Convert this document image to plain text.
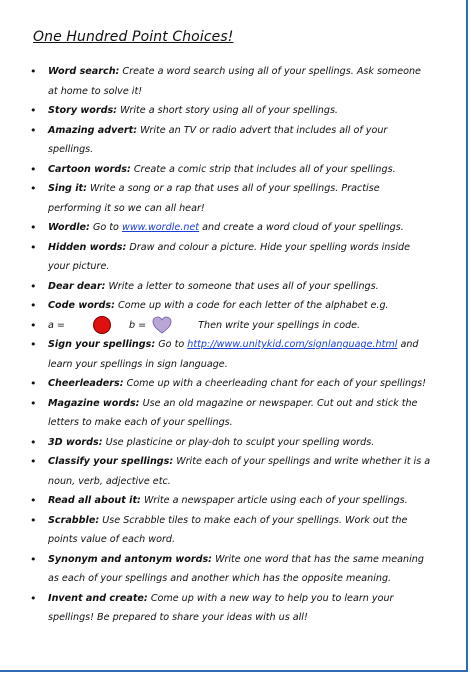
One Hundred Point Choices!
• Word search: Create a word search using all of your spellings. Ask someone at home to solve it!
• Story words: Write a short story using all of your spellings.
• Amazing advert: Write an TV or radio advert that includes all of your spellings.
• Cartoon words: Create a comic strip that includes all of your spellings.
• Sing it: Write a song or a rap that uses all of your spellings. Practise performing it so we can all hear!
• Wordle: Go to www.wordle.net and create a word cloud of your spellings.
• Hidden words: Draw and colour a picture. Hide your spelling words inside your picture.
• Dear dear: Write a letter to someone that uses all of your spellings.
• Code words: Come up with a code for each letter of the alphabet e.g.
• a =	b =	Then write your spellings in code.
• Sign your spellings: Go to http://www.unitykid.com/signlanguage.html and learn your spellings in sign language.
• Cheerleaders: Come up with a cheerleading chant for each of your spellings!
• Magazine words: Use an old magazine or newspaper. Cut out and stick the letters to make each of your spellings.
• 3D words: Use plasticine or play-doh to sculpt your spelling words.
• Classify your spellings: Write each of your spellings and write whether it is a noun, verb, adjective etc.
• Read all about it: Write a newspaper article using each of your spellings.
• Scrabble: Use Scrabble tiles to make each of your spellings. Work out the points value of each word.
• Synonym and antonym words: Write one word that has the same meaning as each of your spellings and another which has the opposite meaning.
• Invent and create: Come up with a new way to help you to learn your spellings! Be prepared to share your ideas with us all!
